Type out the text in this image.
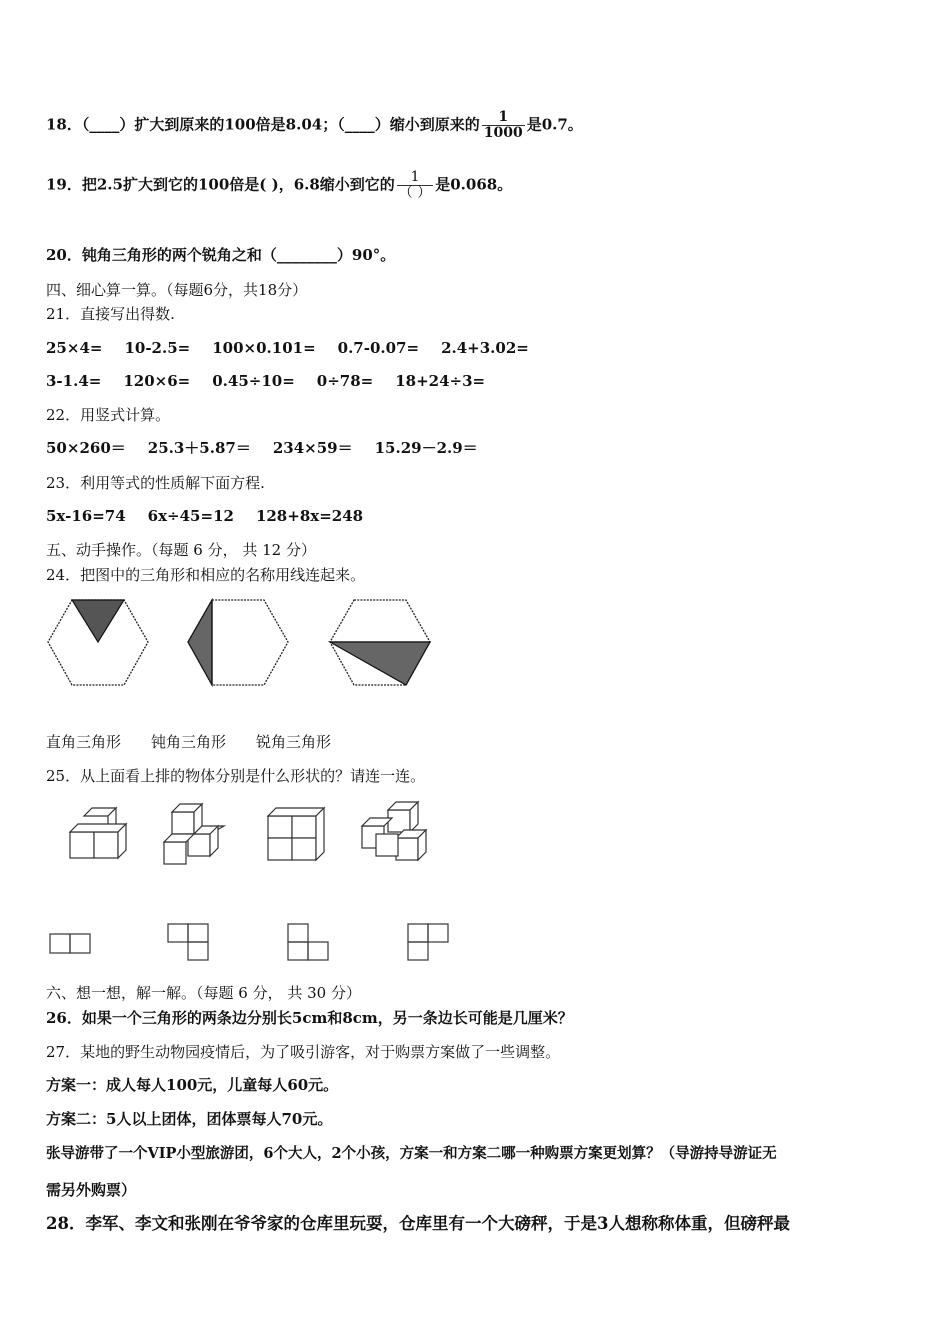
18．（____）扩大到原来的100倍是8.04；（____）缩小到原来的 $\frac{1}{1000}$ 是0.7。
19．把2.5扩大到它的100倍是( )，6.8缩小到它的 $\frac{1}{( )}$ 是0.068。
20．钝角三角形的两个锐角之和（________）90°。
四、细心算一算。（每题6分，共18分）
21．直接写出得数.
25×4= 10-2.5= 100×0.101= 0.7-0.07= 2.4+3.02=
3-1.4= 120×6= 0.45÷10= 0÷78= 18+24÷3=
22．用竖式计算。
50×260＝ 25.3＋5.87＝ 234×59＝ 15.29－2.9＝
23．利用等式的性质解下面方程.
5x-16=74 6x÷45=12 128+8x=248
五、动手操作。（每题 6 分， 共 12 分）
24．把图中的三角形和相应的名称用线连起来。
直角三角形 钝角三角形 锐角三角形
25．从上面看上排的物体分别是什么形状的？请连一连。
六、想一想，解一解。（每题 6 分， 共 30 分）
26．如果一个三角形的两条边分别长5cm和8cm，另一条边长可能是几厘米？
27．某地的野生动物园疫情后，为了吸引游客，对于购票方案做了一些调整。
方案一：成人每人100元，儿童每人60元。
方案二：5人以上团体，团体票每人70元。
张导游带了一个VIP小型旅游团，6个大人，2个小孩，方案一和方案二哪一种购票方案更划算？（导游持导游证无
需另外购票）
28．李军、李文和张刚在爷爷家的仓库里玩耍，仓库里有一个大磅秤，于是3人想称称体重，但磅秤最
